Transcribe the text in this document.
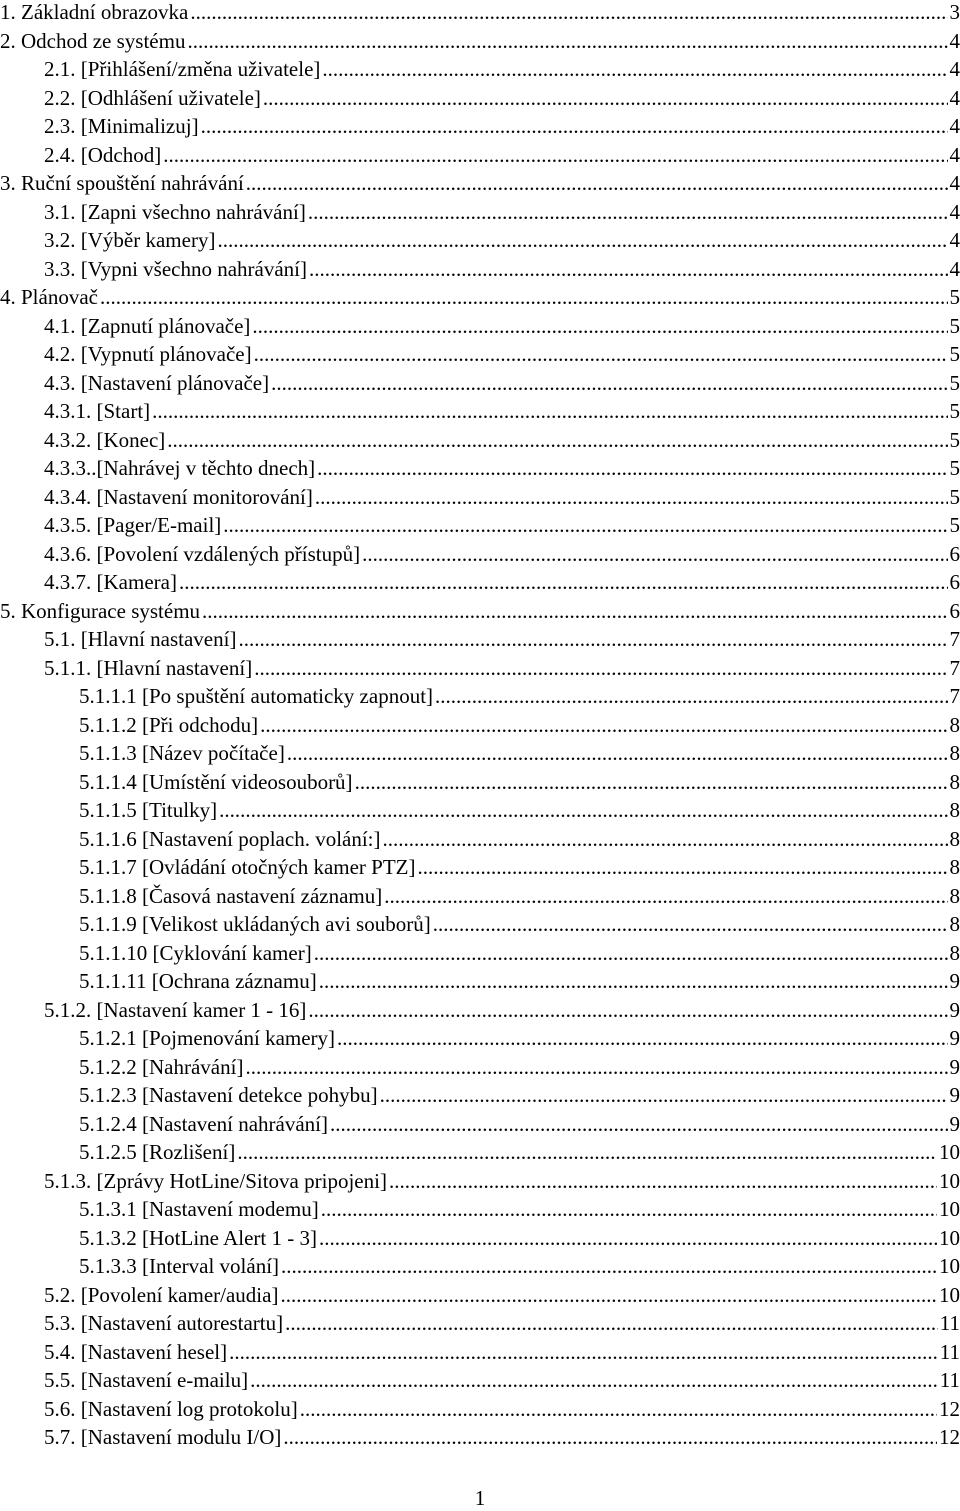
1. Základní obrazovka .....	3
2. Odchod ze systému .....	4
2.1. [Přihlášení/změna uživatele] .....	4
2.2. [Odhlášení uživatele] .....	4
2.3. [Minimalizuj] .....	4
2.4. [Odchod] .....	4
3. Ruční spouštění nahrávání .....	4
3.1. [Zapni všechno nahrávání] .....	4
3.2. [Výběr kamery] .....	4
3.3. [Vypni všechno nahrávání] .....	4
4. Plánovač .....	5
4.1. [Zapnutí plánovače] .....	5
4.2. [Vypnutí plánovače] .....	5
4.3. [Nastavení plánovače] .....	5
4.3.1. [Start] .....	5
4.3.2. [Konec] .....	5
4.3.3..[Nahrávej v těchto dnech] .....	5
4.3.4. [Nastavení monitorování] .....	5
4.3.5. [Pager/E-mail] .....	5
4.3.6. [Povolení vzdálených přístupů] .....	6
4.3.7. [Kamera] .....	6
5. Konfigurace systému .....	6
5.1. [Hlavní nastavení] .....	7
5.1.1. [Hlavní nastavení] .....	7
5.1.1.1 [Po spuštění automaticky zapnout] .....	7
5.1.1.2 [Při odchodu] .....	8
5.1.1.3 [Název počítače] .....	8
5.1.1.4 [Umístění videosouborů] .....	8
5.1.1.5 [Titulky] .....	8
5.1.1.6 [Nastavení poplach. volání:] .....	8
5.1.1.7 [Ovládání otočných kamer PTZ] .....	8
5.1.1.8 [Časová nastavení záznamu] .....	8
5.1.1.9 [Velikost ukládaných avi souborů] .....	8
5.1.1.10 [Cyklování kamer] .....	8
5.1.1.11 [Ochrana záznamu] .....	9
5.1.2. [Nastavení kamer 1 - 16] .....	9
5.1.2.1 [Pojmenování kamery] .....	9
5.1.2.2 [Nahrávání] .....	9
5.1.2.3 [Nastavení detekce pohybu] .....	9
5.1.2.4 [Nastavení nahrávání] .....	9
5.1.2.5 [Rozlišení] .....	10
5.1.3. [Zprávy HotLine/Sitova pripojeni] .....	10
5.1.3.1 [Nastavení modemu] .....	10
5.1.3.2 [HotLine Alert 1 - 3] .....	10
5.1.3.3 [Interval volání] .....	10
5.2. [Povolení kamer/audia] .....	10
5.3. [Nastavení autorestartu] .....	11
5.4. [Nastavení hesel] .....	11
5.5. [Nastavení e-mailu] .....	11
5.6. [Nastavení log protokolu] .....	12
5.7. [Nastavení modulu I/O] .....	12
1
